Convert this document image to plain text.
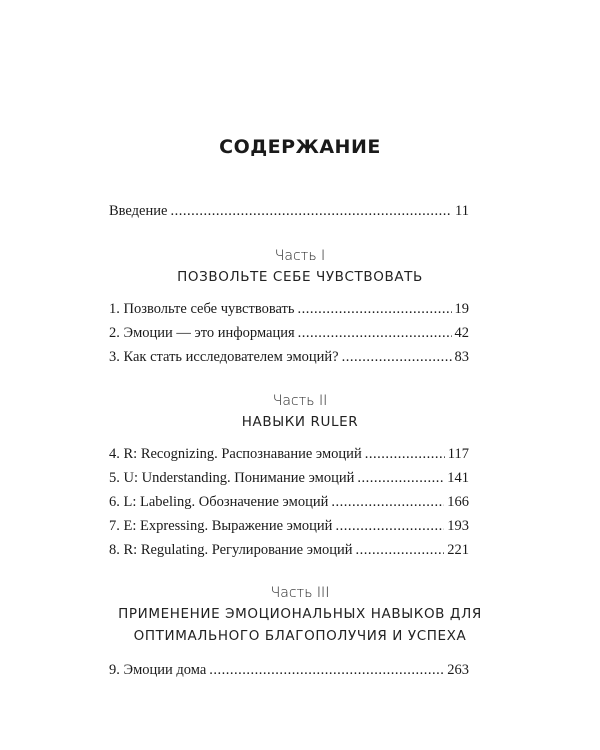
СОДЕРЖАНИЕ
Введение .....	11
Часть I
ПОЗВОЛЬТЕ СЕБЕ ЧУВСТВОВАТЬ
1. Позвольте себе чувствовать .....	19
2. Эмоции — это информация .....	42
3. Как стать исследователем эмоций? .....	83
Часть II
НАВЫКИ RULER
4. R: Recognizing. Распознавание эмоций .....	117
5. U: Understanding. Понимание эмоций .....	141
6. L: Labeling. Обозначение эмоций .....	166
7. E: Expressing. Выражение эмоций .....	193
8. R: Regulating. Регулирование эмоций .....	221
Часть III
ПРИМЕНЕНИЕ ЭМОЦИОНАЛЬНЫХ НАВЫКОВ ДЛЯ
ОПТИМАЛЬНОГО БЛАГОПОЛУЧИЯ И УСПЕХА
9. Эмоции дома .....	263
